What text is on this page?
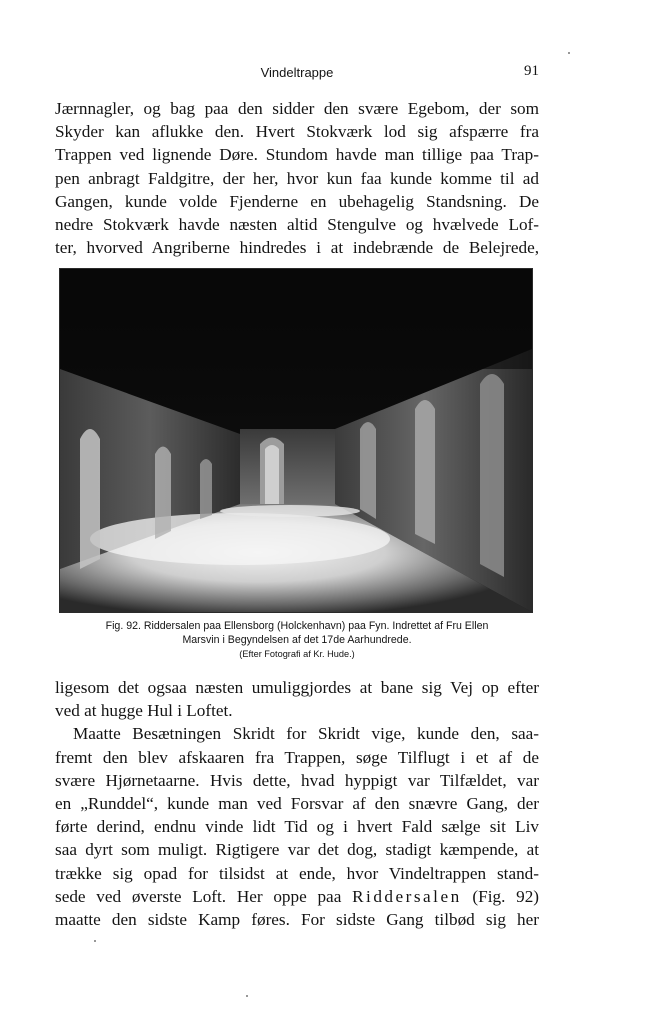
Vindeltrappe	91
Jærnnagler, og bag paa den sidder den svære Egebom, der som
Skyder kan aflukke den. Hvert Stokværk lod sig afspærre fra
Trappen ved lignende Døre. Stundom havde man tillige paa Trap-
pen anbragt Faldgitre, der her, hvor kun faa kunde komme til ad
Gangen, kunde volde Fjenderne en ubehagelig Standsning. De
nedre Stokværk havde næsten altid Stengulve og hvælvede Lof-
ter, hvorved Angriberne hindredes i at indebrænde de Belejrede,
Fig. 92. Riddersalen paa Ellensborg (Holckenhavn) paa Fyn. Indrettet af Fru Ellen
Marsvin i Begyndelsen af det 17de Aarhundrede.
(Efter Fotografi af Kr. Hude.)
ligesom det ogsaa næsten umuliggjordes at bane sig Vej op efter
ved at hugge Hul i Loftet.
Maatte Besætningen Skridt for Skridt vige, kunde den, saa-
fremt den blev afskaaren fra Trappen, søge Tilflugt i et af de
svære Hjørnetaarne. Hvis dette, hvad hyppigt var Tilfældet, var
en „Runddel“, kunde man ved Forsvar af den snævre Gang, der
førte derind, endnu vinde lidt Tid og i hvert Fald sælge sit Liv
saa dyrt som muligt. Rigtigere var det dog, stadigt kæmpende, at
trække sig opad for tilsidst at ende, hvor Vindeltrappen stand-
sede ved øverste Loft. Her oppe paa Riddersalen (Fig. 92)
maatte den sidste Kamp føres. For sidste Gang tilbød sig her
